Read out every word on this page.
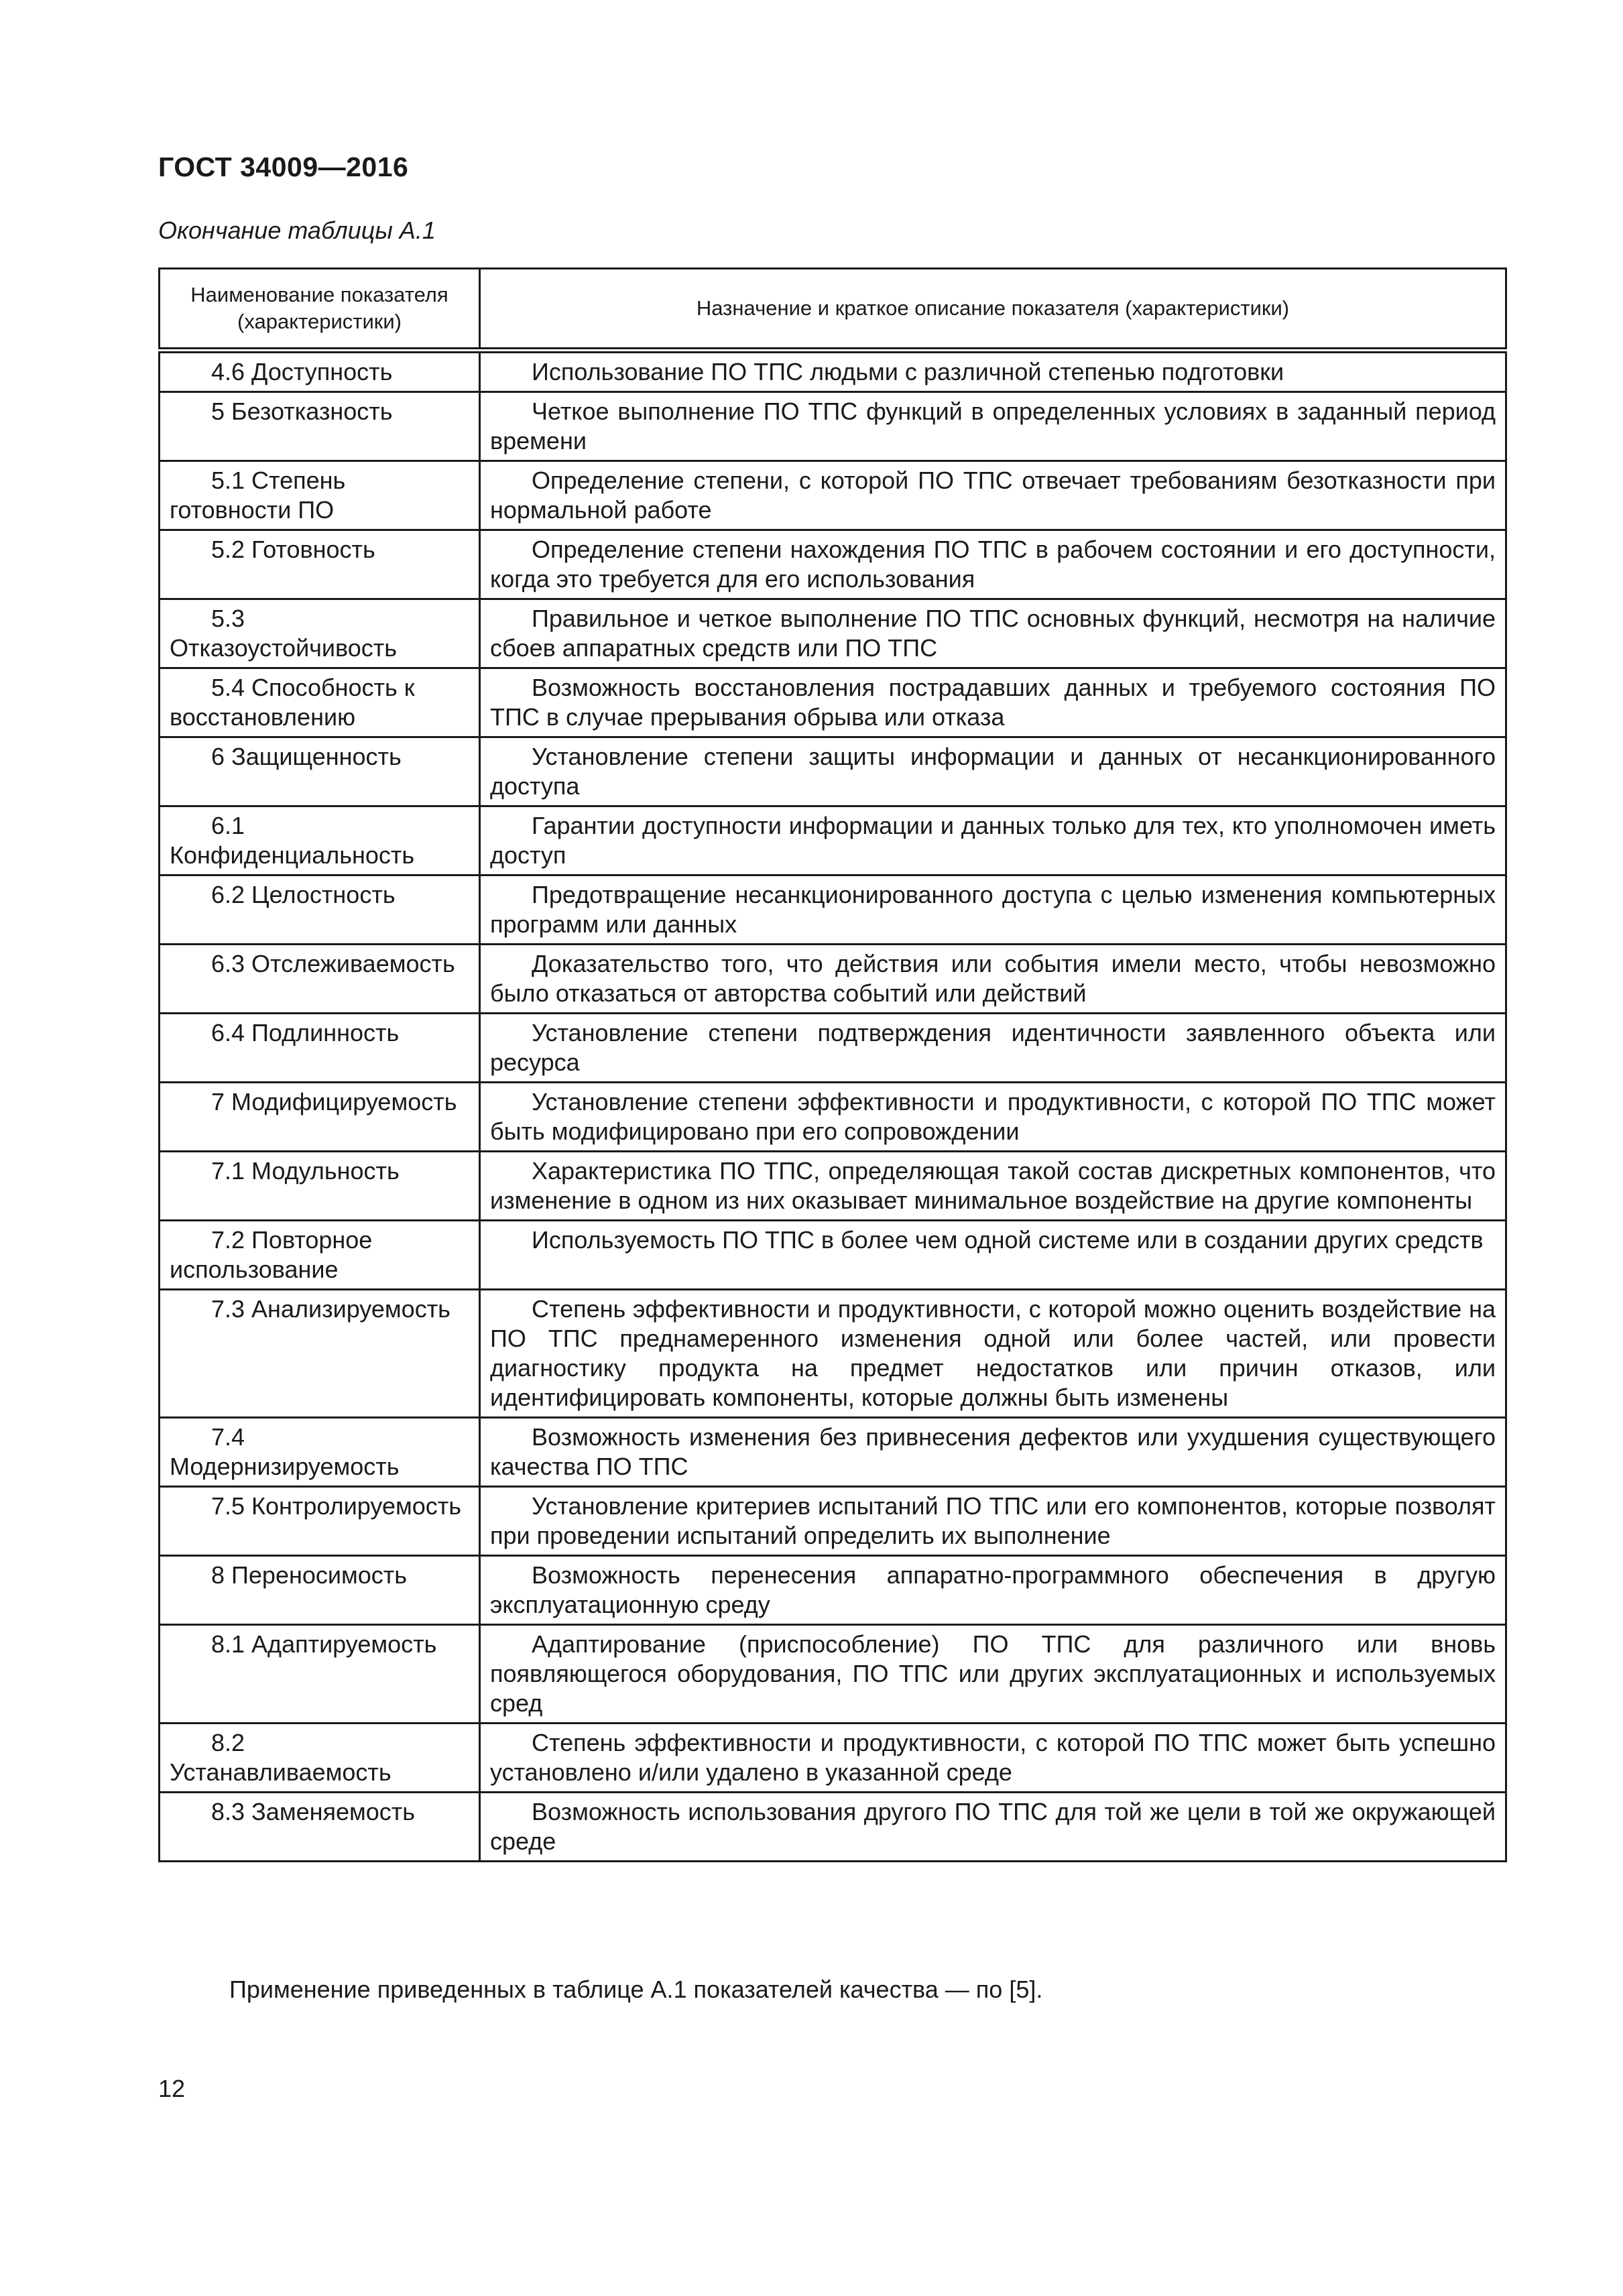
ГОСТ 34009—2016
Окончание таблицы А.1
Наименование показателя (характеристики)	Назначение и краткое описание показателя (характеристики)
4.6 Доступность	Использование ПО ТПС людьми с различной степенью подготовки
5 Безотказность	Четкое выполнение ПО ТПС функций в определенных условиях в заданный период времени
5.1 Степень готовности ПО	Определение степени, с которой ПО ТПС отвечает требованиям безотказности при нормальной работе
5.2 Готовность	Определение степени нахождения ПО ТПС в рабочем состоянии и его доступности, когда это требуется для его использования
5.3 Отказоустойчивость	Правильное и четкое выполнение ПО ТПС основных функций, несмотря на наличие сбоев аппаратных средств или ПО ТПС
5.4 Способность к восстановлению	Возможность восстановления пострадавших данных и требуемого состояния ПО ТПС в случае прерывания обрыва или отказа
6 Защищенность	Установление степени защиты информации и данных от несанкционированного доступа
6.1 Конфиденциальность	Гарантии доступности информации и данных только для тех, кто уполномочен иметь доступ
6.2 Целостность	Предотвращение несанкционированного доступа с целью изменения компьютерных программ или данных
6.3 Отслеживаемость	Доказательство того, что действия или события имели место, чтобы невозможно было отказаться от авторства событий или действий
6.4 Подлинность	Установление степени подтверждения идентичности заявленного объекта или ресурса
7 Модифицируемость	Установление степени эффективности и продуктивности, с которой ПО ТПС может быть модифицировано при его сопровождении
7.1 Модульность	Характеристика ПО ТПС, определяющая такой состав дискретных компонентов, что изменение в одном из них оказывает минимальное воздействие на другие компоненты
7.2 Повторное использование	Используемость ПО ТПС в более чем одной системе или в создании других средств
7.3 Анализируемость	Степень эффективности и продуктивности, с которой можно оценить воздействие на ПО ТПС преднамеренного изменения одной или более частей, или провести диагностику продукта на предмет недостатков или причин отказов, или идентифицировать компоненты, которые должны быть изменены
7.4 Модернизируемость	Возможность изменения без привнесения дефектов или ухудшения существующего качества ПО ТПС
7.5 Контролируемость	Установление критериев испытаний ПО ТПС или его компонентов, которые позволят при проведении испытаний определить их выполнение
8 Переносимость	Возможность перенесения аппаратно-программного обеспечения в другую эксплуатационную среду
8.1 Адаптируемость	Адаптирование (приспособление) ПО ТПС для различного или вновь появляющегося оборудования, ПО ТПС или других эксплуатационных и используемых сред
8.2 Устанавливаемость	Степень эффективности и продуктивности, с которой ПО ТПС может быть успешно установлено и/или удалено в указанной среде
8.3 Заменяемость	Возможность использования другого ПО ТПС для той же цели в той же окружающей среде
Применение приведенных в таблице А.1 показателей качества — по [5].
12
